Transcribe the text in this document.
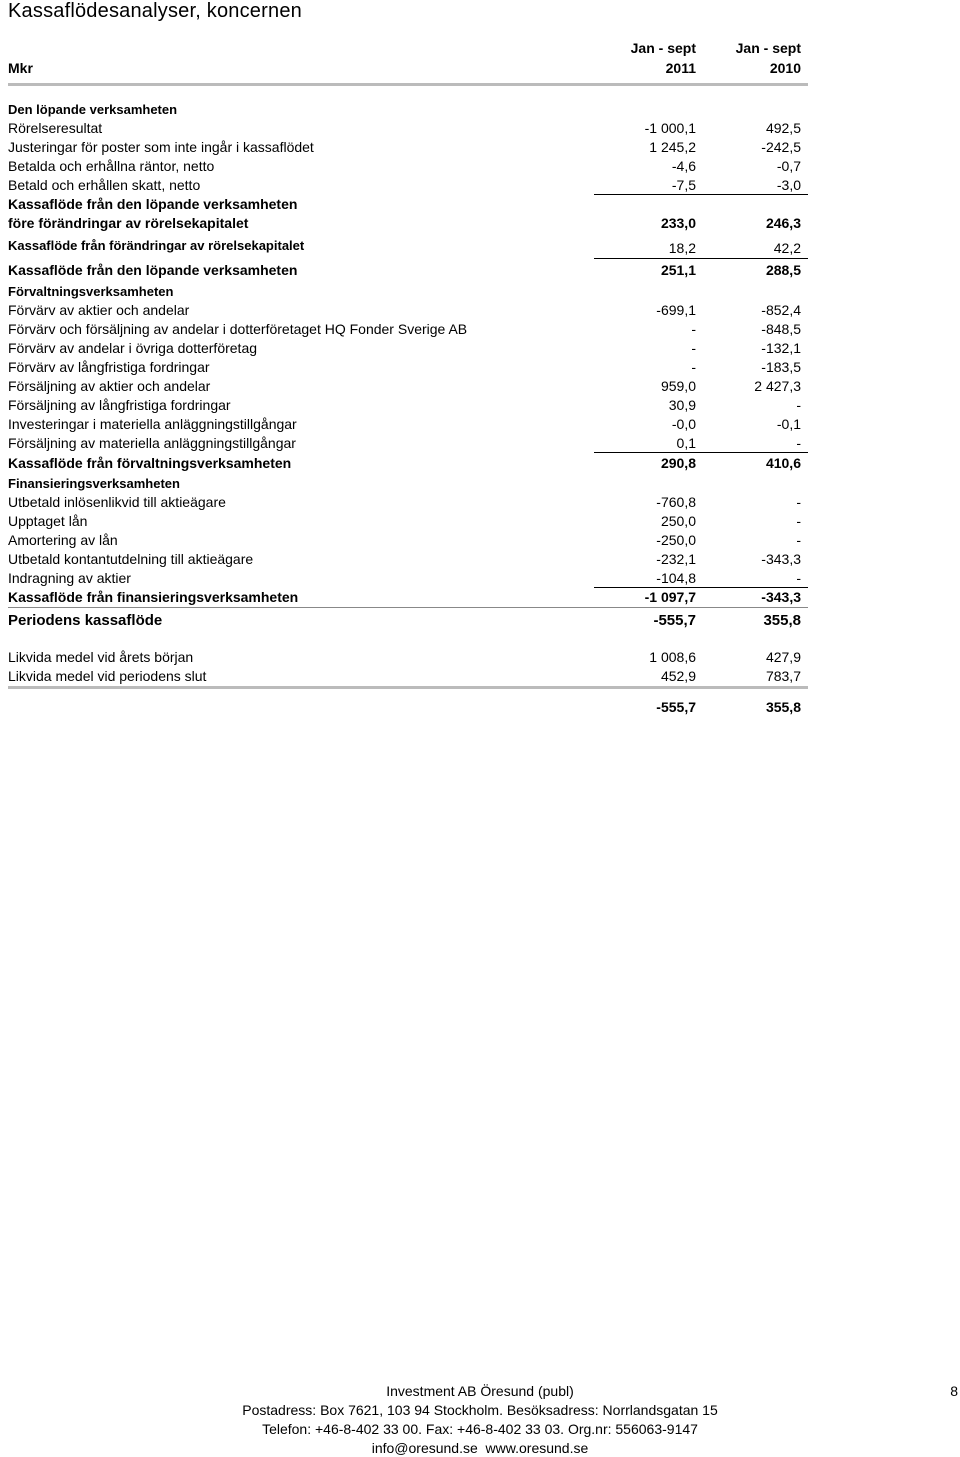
Kassaflödesanalyser, koncernen
Jan - sept	Jan - sept
Mkr	2011	2010
Den löpande verksamheten
Rörelseresultat	-1 000,1	492,5
Justeringar för poster som inte ingår i kassaflödet	1 245,2	-242,5
Betalda och erhållna räntor, netto	-4,6	-0,7
Betald och erhållen skatt, netto	-7,5	-3,0
Kassaflöde från den löpande verksamheten
före förändringar av rörelsekapitalet	233,0	246,3
Kassaflöde från förändringar av rörelsekapitalet	18,2	42,2
Kassaflöde från den löpande verksamheten	251,1	288,5
Förvaltningsverksamheten
Förvärv av aktier och andelar	-699,1	-852,4
Förvärv och försäljning av andelar i dotterföretaget HQ Fonder Sverige AB	-	-848,5
Förvärv av andelar i övriga dotterföretag	-	-132,1
Förvärv av långfristiga fordringar	-	-183,5
Försäljning av aktier och andelar	959,0	2 427,3
Försäljning av långfristiga fordringar	30,9	-
Investeringar i materiella anläggningstillgångar	-0,0	-0,1
Försäljning av materiella anläggningstillgångar	0,1	-
Kassaflöde från förvaltningsverksamheten	290,8	410,6
Finansieringsverksamheten
Utbetald inlösenlikvid till aktieägare	-760,8	-
Upptaget lån	250,0	-
Amortering av lån	-250,0	-
Utbetald kontantutdelning till aktieägare	-232,1	-343,3
Indragning av aktier	-104,8	-
Kassaflöde från finansieringsverksamheten	-1 097,7	-343,3
Periodens kassaflöde	-555,7	355,8
Likvida medel vid årets början	1 008,6	427,9
Likvida medel vid periodens slut	452,9	783,7
-555,7	355,8
Investment AB Öresund (publ)	8
Postadress: Box 7621, 103 94 Stockholm. Besöksadress: Norrlandsgatan 15
Telefon: +46-8-402 33 00. Fax: +46-8-402 33 03. Org.nr: 556063-9147
info@oresund.se  www.oresund.se
